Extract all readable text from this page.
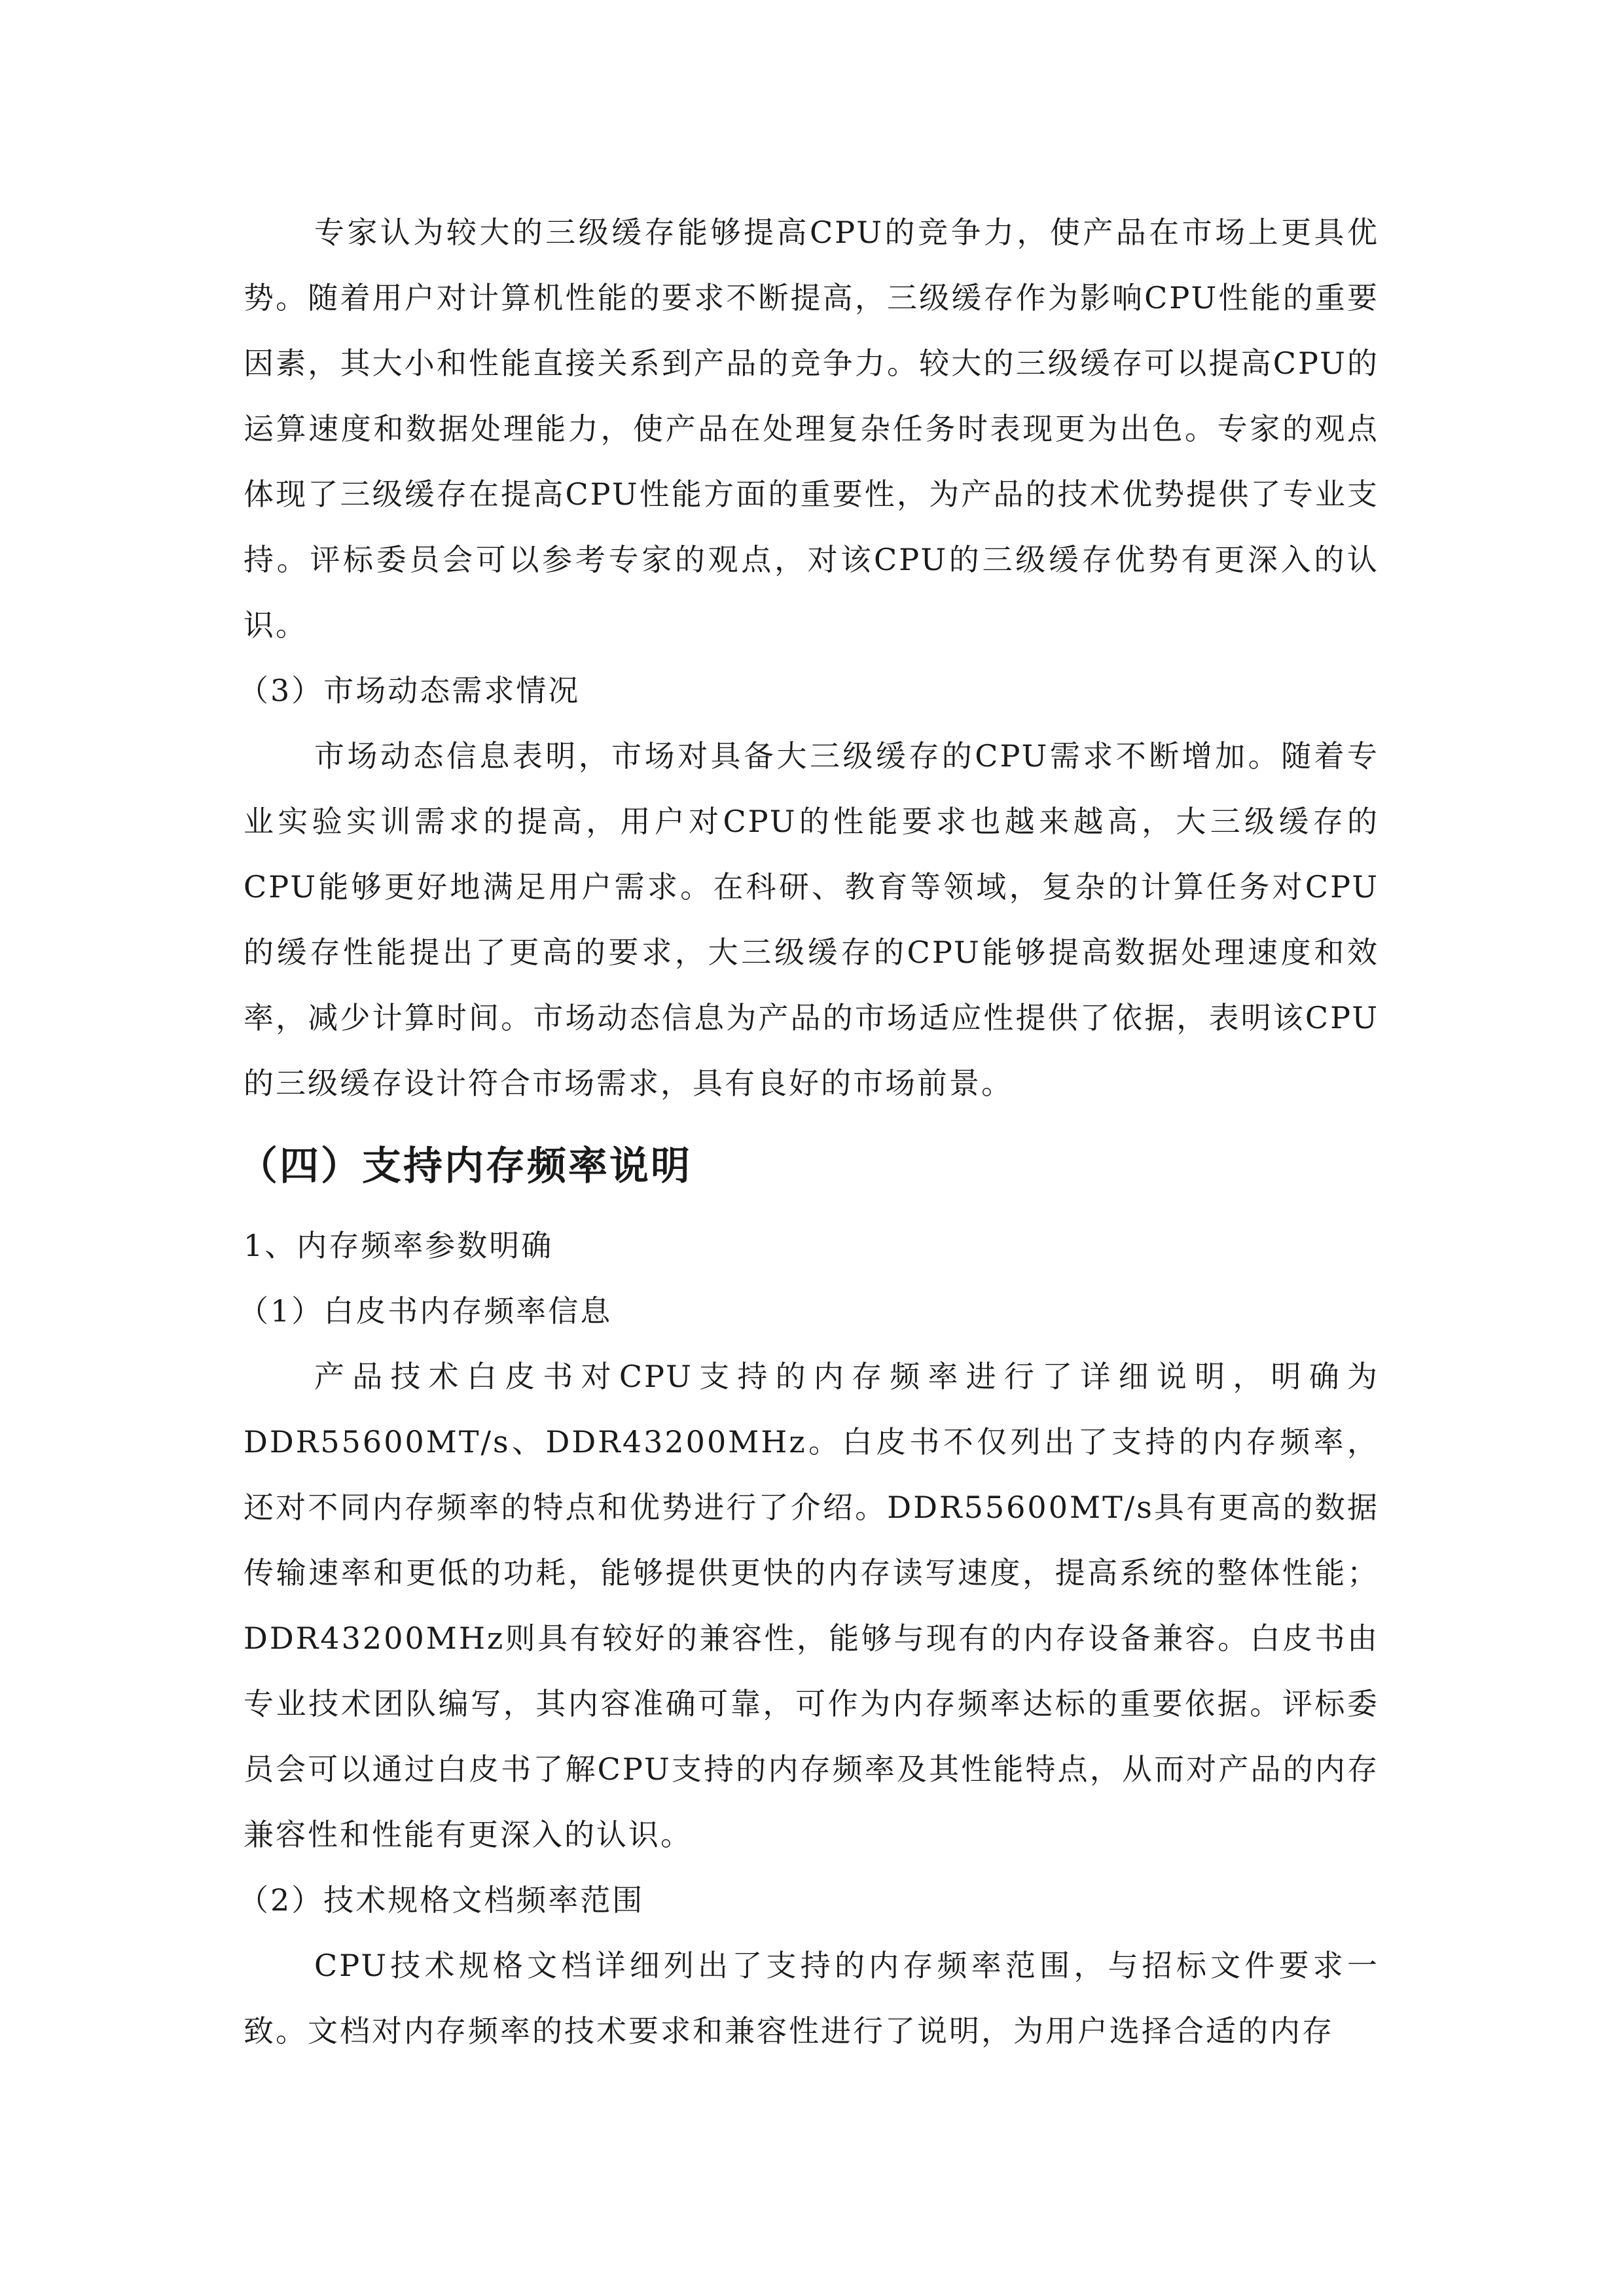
专家认为较大的三级缓存能够提高CPU的竞争力，使产品在市场上更具优势。随着用户对计算机性能的要求不断提高，三级缓存作为影响CPU性能的重要因素，其大小和性能直接关系到产品的竞争力。较大的三级缓存可以提高CPU的运算速度和数据处理能力，使产品在处理复杂任务时表现更为出色。专家的观点体现了三级缓存在提高CPU性能方面的重要性，为产品的技术优势提供了专业支持。评标委员会可以参考专家的观点，对该CPU的三级缓存优势有更深入的认识。

（3）市场动态需求情况

市场动态信息表明，市场对具备大三级缓存的CPU需求不断增加。随着专业实验实训需求的提高，用户对CPU的性能要求也越来越高，大三级缓存的CPU能够更好地满足用户需求。在科研、教育等领域，复杂的计算任务对CPU的缓存性能提出了更高的要求，大三级缓存的CPU能够提高数据处理速度和效率，减少计算时间。市场动态信息为产品的市场适应性提供了依据，表明该CPU的三级缓存设计符合市场需求，具有良好的市场前景。

（四）支持内存频率说明

1、内存频率参数明确

（1）白皮书内存频率信息

产品技术白皮书对CPU支持的内存频率进行了详细说明，明确为DDR55600MT/s、DDR43200MHz。白皮书不仅列出了支持的内存频率，还对不同内存频率的特点和优势进行了介绍。DDR55600MT/s具有更高的数据传输速率和更低的功耗，能够提供更快的内存读写速度，提高系统的整体性能；DDR43200MHz则具有较好的兼容性，能够与现有的内存设备兼容。白皮书由专业技术团队编写，其内容准确可靠，可作为内存频率达标的重要依据。评标委员会可以通过白皮书了解CPU支持的内存频率及其性能特点，从而对产品的内存兼容性和性能有更深入的认识。

（2）技术规格文档频率范围

CPU技术规格文档详细列出了支持的内存频率范围，与招标文件要求一致。文档对内存频率的技术要求和兼容性进行了说明，为用户选择合适的内存
